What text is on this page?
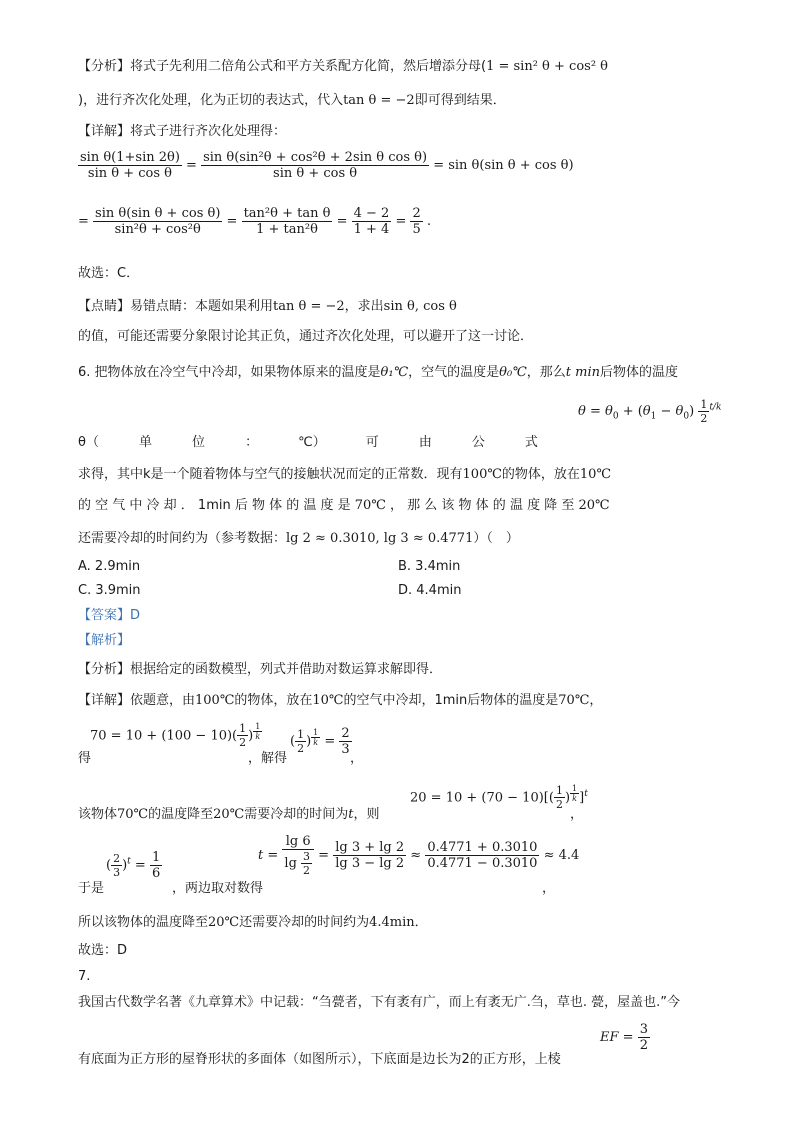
【分析】将式子先利用二倍角公式和平方关系配方化简，然后增添分母(1 = sin² θ + cos² θ
)，进行齐次化处理，化为正切的表达式，代入tan θ = −2即可得到结果．
【详解】将式子进行齐次化处理得：
$\frac{\text{sin θ(1+sin 2θ)}}{\text{sin θ + cos θ}} = \frac{\text{sin θ(sin²θ + cos²θ + 2sin θ cos θ)}}{\text{sin θ + cos θ}} = \sin \theta(\sin$ θ + cos θ)
= $\frac{\text{sin θ(sin θ + cos θ)}}{\text{sin²θ + cos²θ}} = \frac{\text{tan²θ + tan θ}}{\text{1 + tan²θ}} = \frac{4 - 2}{1 + 4} = \frac{2}{5}$ .
故选：C．
【点睛】易错点睛：本题如果利用tan θ = −2，求出sin θ, cos θ
的值，可能还需要分象限讨论其正负，通过齐次化处理，可以避开了这一讨论．
6. 把物体放在冷空气中冷却，如果物体原来的温度是θ₁℃，空气的温度是θ₀℃，那么t min后物体的温度
$\theta = \theta_0 + (\theta_1 - \theta_0) \frac{1}{2} ^{t/k}$
θ（	单	位	：	℃）	可	由	公	式
求得，其中k是一个随着物体与空气的接触状况而定的正常数．现有100℃的物体，放在10℃
的 空 气 中 冷 却 ． 1min 后 物 体 的 温 度 是 70℃ ， 那 么 该 物 体 的 温 度 降 至 20℃
还需要冷却的时间约为（参考数据：lg 2 ≈ 0.3010, lg 3 ≈ 0.4771）（　）
A. 2.9min	B. 3.4min
C. 3.9min	D. 4.4min
【答案】D
【解析】
【分析】根据给定的函数模型，列式并借助对数运算求解即得．
【详解】依题意，由100℃的物体，放在10℃的空气中冷却，1min后物体的温度是70℃，
$70 = 10 + (100 - 10)( \frac{1}{2}$ ) $^{\frac{1}{k}}$
得	，解得
( $\frac{1}{2}$ ) $^{\frac{1}{k}} = \frac{2}{3}$
，
$20 = 10 + (70 - 10)[( \frac{1}{2}$ ) $^{\frac{1}{k}}$ ]$^t$
该物体70℃的温度降至20℃需要冷却的时间为t，则	，
( $\frac{2}{3} )^t = \frac{1}{6}$
于是	，两边取对数得
$t = \frac{\lg 6}{\lg \frac{3}{2}} = \frac{\lg 3 + \lg 2}{\lg 3 - \lg 2} \approx \frac{0.4771 + 0.3010}{0.4771 - 0.3010} \approx 4.4$
，
所以该物体的温度降至20℃还需要冷却的时间约为4.4min．
故选：D
7.
我国古代数学名著《九章算术》中记载：“刍甍者，下有袤有广，而上有袤无广.刍，草也. 甍，屋盖也.”今
有底面为正方形的屋脊形状的多面体（如图所示），下底面是边长为2的正方形，上棱
EF = $\frac{3}{2}$
